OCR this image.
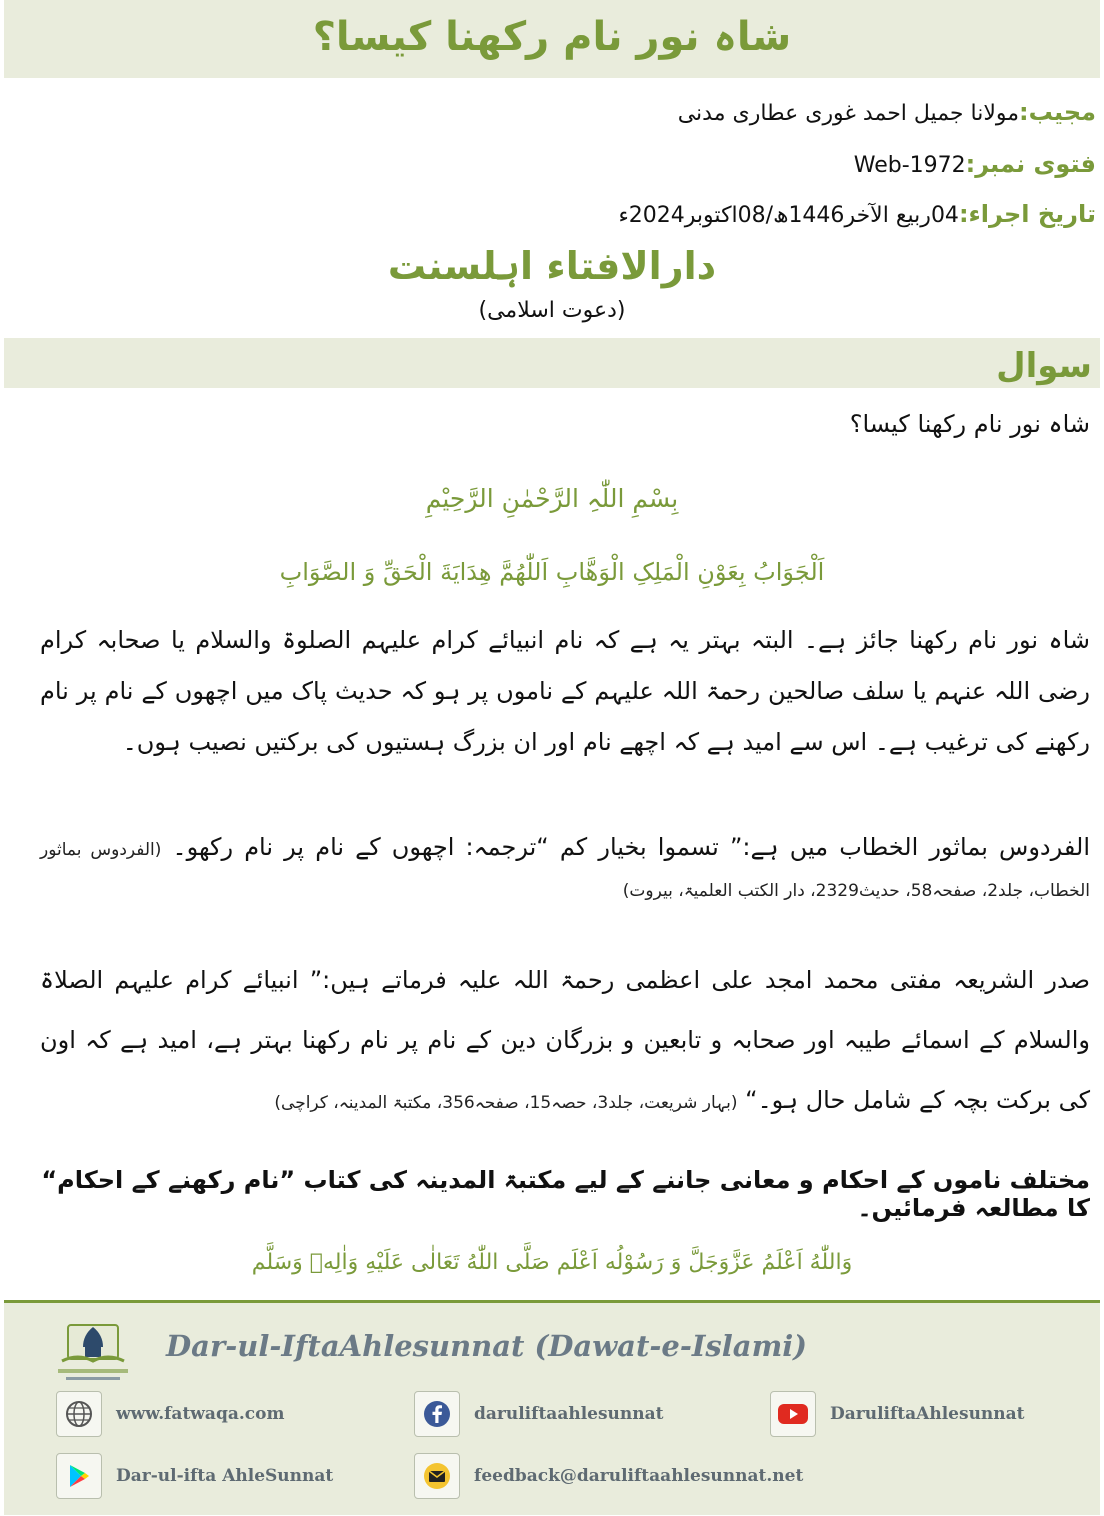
شاہ نور نام رکھنا کیسا؟
مجیب:مولانا جمیل احمد غوری عطاری مدنی
فتوی نمبر:Web-1972
تاریخ اجراء:04ربیع الآخر1446ھ/08اکتوبر2024ء
دارالافتاء اہلسنت
(دعوت اسلامی)
سوال
شاہ نور نام رکھنا کیسا؟
بِسْمِ اللّٰہِ الرَّحْمٰنِ الرَّحِیْمِ
اَلْجَوَابُ بِعَوْنِ الْمَلِکِ الْوَهَّابِ اَللّٰهُمَّ هِدَایَةَ الْحَقِّ وَ الصَّوَابِ
شاہ نور نام رکھنا جائز ہے۔ البتہ بہتر یہ ہے کہ نام انبیائے کرام علیہم الصلوۃ والسلام یا صحابہ کرام رضی اللہ عنہم یا سلف صالحین رحمۃ اللہ علیہم کے ناموں پر ہو کہ حدیث پاک میں اچھوں کے نام پر نام رکھنے کی ترغیب ہے۔ اس سے امید ہے کہ اچھے نام اور ان بزرگ ہستیوں کی برکتیں نصیب ہوں۔
الفردوس بماثور الخطاب میں ہے:” تسموا بخیار کم “ترجمہ: اچھوں کے نام پر نام رکھو۔ (الفردوس بماثور الخطاب، جلد2، صفحہ58، حدیث2329، دار الکتب العلمیۃ، بیروت)
صدر الشریعہ مفتی محمد امجد علی اعظمی رحمۃ اللہ علیہ فرماتے ہیں:” انبیائے کرام علیہم الصلاۃ والسلام کے اسمائے طیبہ اور صحابہ و تابعین و بزرگان دین کے نام پر نام رکھنا بہتر ہے، امید ہے کہ اون کی برکت بچہ کے شامل حال ہو۔“ (بہار شریعت، جلد3، حصہ15، صفحہ356، مکتبۃ المدینہ، کراچی)
مختلف ناموں کے احکام و معانی جاننے کے لیے مکتبۃ المدینہ کی کتاب ”نام رکھنے کے احکام“ کا مطالعہ فرمائیں۔
وَاللّٰهُ اَعْلَمُ عَزَّوَجَلَّ وَ رَسُوْلُه اَعْلَم صَلَّی اللّٰهُ تَعَالٰی عَلَیْهِ وَاٰلِهٖ وَسَلَّم
Dar-ul-IftaAhlesunnat (Dawat-e-Islami)
www.fatwaqa.com	daruliftaahlesunnat	DaruliftaAhlesunnat
Dar-ul-ifta AhleSunnat	feedback@daruliftaahlesunnat.net
